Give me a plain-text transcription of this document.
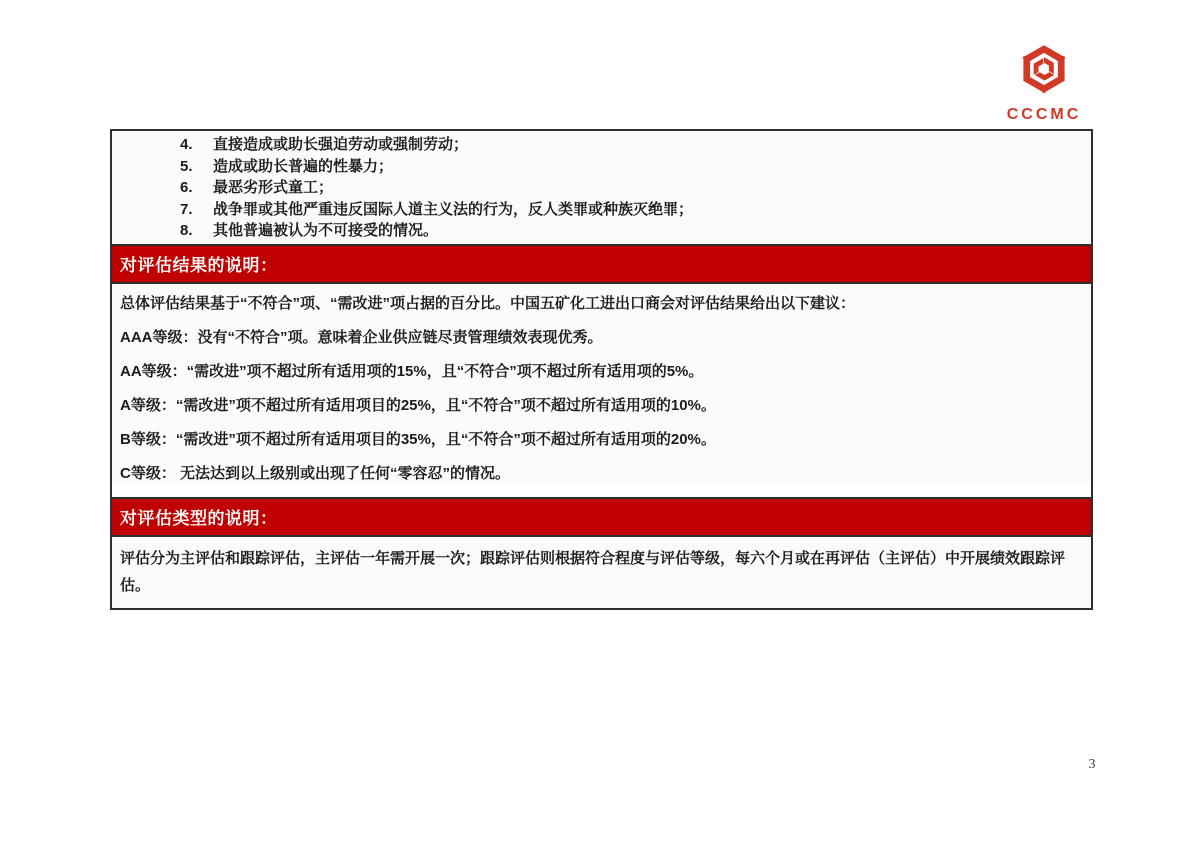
CCCMC
4.	直接造成或助长强迫劳动或强制劳动；
5.	造成或助长普遍的性暴力；
6.	最恶劣形式童工；
7.	战争罪或其他严重违反国际人道主义法的行为，反人类罪或种族灭绝罪；
8.	其他普遍被认为不可接受的情况。
对评估结果的说明：

总体评估结果基于“不符合”项、“需改进”项占据的百分比。中国五矿化工进出口商会对评估结果给出以下建议：

AAA等级：没有“不符合”项。意味着企业供应链尽责管理绩效表现优秀。

AA等级：“需改进”项不超过所有适用项的15%，且“不符合”项不超过所有适用项的5%。

A等级：“需改进”项不超过所有适用项目的25%，且“不符合”项不超过所有适用项的10%。

B等级：“需改进”项不超过所有适用项目的35%，且“不符合”项不超过所有适用项的20%。

C等级： 无法达到以上级别或出现了任何“零容忍”的情况。

对评估类型的说明：
评估分为主评估和跟踪评估，主评估一年需开展一次；跟踪评估则根据符合程度与评估等级，每六个月或在再评估（主评估）中开展绩效跟踪评估。
3
